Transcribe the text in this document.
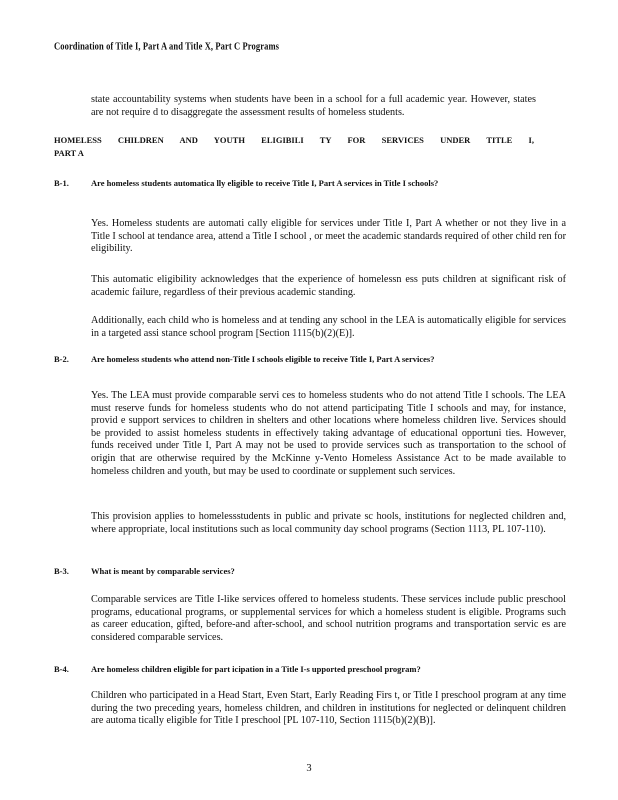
Coordination of Title I, Part A and Title X, Part C Programs
state accountability systems when students have been in a school for a full academic year. However, states are not require d to disaggregate the assessment results of homeless students.
HOMELESS CHILDREN AND YOUTH ELIGIBILI TY FOR SERVICES UNDER TITLE I,
PART A
B-1.	Are homeless students automatica lly eligible to receive Title I, Part A services in Title I schools?
Yes. Homeless students are automati cally eligible for services under Title I, Part A whether or not they live in a Title I school at tendance area, attend a Title I school , or meet the academic standards required of other child ren for eligibility.
This automatic eligibility acknowledges that the experience of homelessn ess puts children at significant risk of academic failure, regardless of their previous academic standing.
Additionally, each child who is homeless and at tending any school in the LEA is automatically eligible for services in a targeted assi stance school program [Section 1115(b)(2)(E)].
B-2.	Are homeless students who attend non-Title I schools eligible to receive Title I, Part A services?
Yes. The LEA must provide comparable servi ces to homeless students who do not attend Title I schools. The LEA must reserve funds for homeless students who do not attend participating Title I schools and may, for instance, provid e support services to children in shelters and other locations where homeless children live. Services should be provided to assist homeless students in effectively taking advantage of educational opportuni ties. However, funds received under Title I, Part A may not be used to provide services such as transportation to the school of origin that are otherwise required by the McKinne y-Vento Homeless Assistance Act to be made available to homeless children and youth, but may be used to coordinate or supplement such services.
This provision applies to homelessstudents in public and private sc hools, institutions for neglected children and, where appropriate, local institutions such as local community day school programs (Section 1113, PL 107-110).
B-3.	What is meant by comparable services?
Comparable services are Title I-like services offered to homeless students. These services include public preschool programs, educational programs, or supplemental services for which a homeless student is eligible. Programs such as career education, gifted, before-and after-school, and school nutrition programs and transportation servic es are considered comparable services.
B-4.	Are homeless children eligible for part icipation in a Title I-s upported preschool program?
Children who participated in a Head Start, Even Start, Early Reading Firs t, or Title I preschool program at any time during the two preceding years, homeless children, and children in institutions for neglected or delinquent children are automa tically eligible for Title I preschool [PL 107-110, Section 1115(b)(2)(B)].
3
